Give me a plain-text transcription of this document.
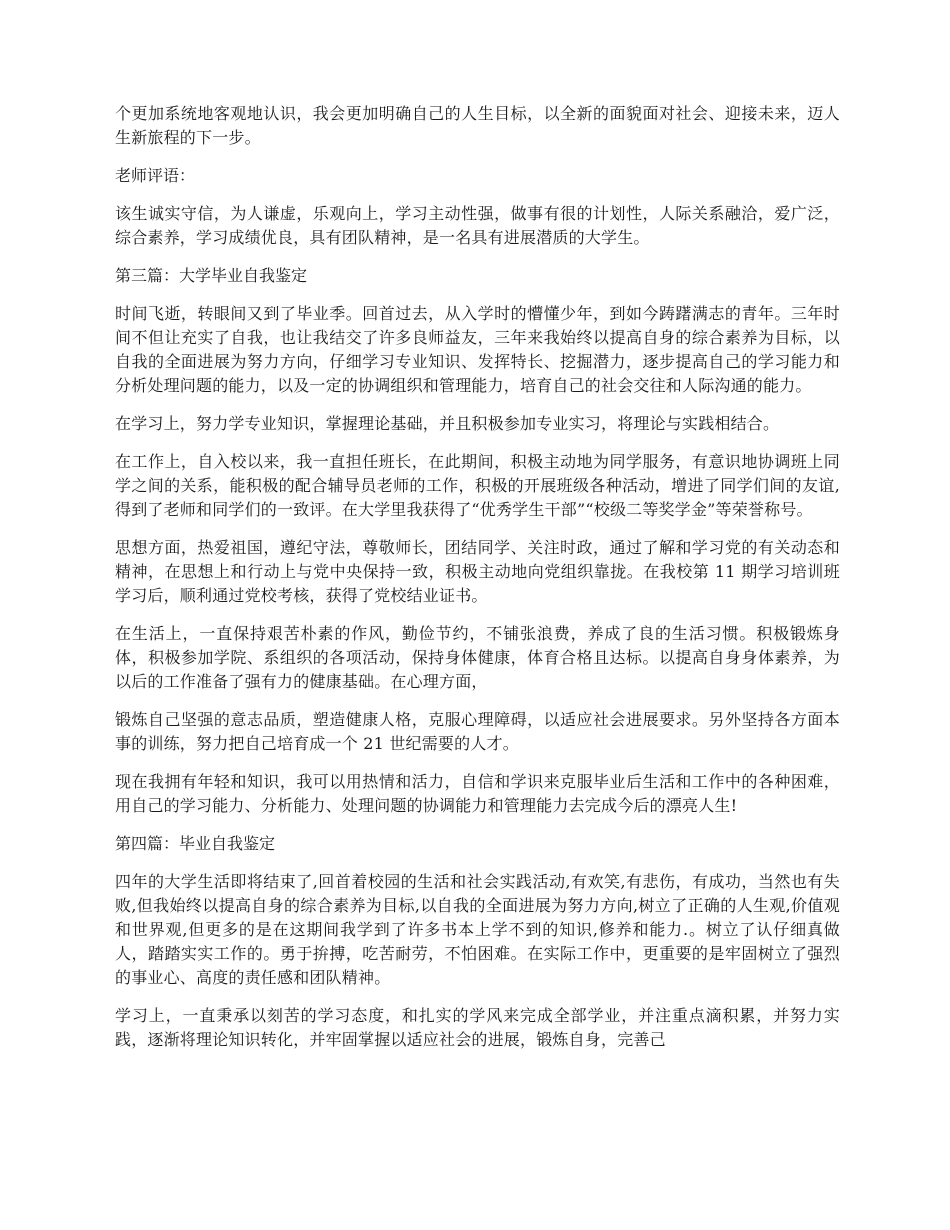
个更加系统地客观地认识，我会更加明确自己的人生目标，以全新的面貌面对社会、迎接未来，迈人生新旅程的下一步。

老师评语：

该生诚实守信，为人谦虚，乐观向上，学习主动性强，做事有很的计划性，人际关系融洽，爱广泛，综合素养，学习成绩优良，具有团队精神，是一名具有进展潜质的大学生。

第三篇：大学毕业自我鉴定

时间飞逝，转眼间又到了毕业季。回首过去，从入学时的懵懂少年，到如今踌躇满志的青年。三年时间不但让充实了自我，也让我结交了许多良师益友，三年来我始终以提高自身的综合素养为目标，以自我的全面进展为努力方向，仔细学习专业知识、发挥特长、挖掘潜力，逐步提高自己的学习能力和分析处理问题的能力，以及一定的协调组织和管理能力，培育自己的社会交往和人际沟通的能力。

在学习上，努力学专业知识，掌握理论基础，并且积极参加专业实习，将理论与实践相结合。

在工作上，自入校以来，我一直担任班长，在此期间，积极主动地为同学服务，有意识地协调班上同学之间的关系，能积极的配合辅导员老师的工作，积极的开展班级各种活动，增进了同学们间的友谊,得到了老师和同学们的一致评。在大学里我获得了“优秀学生干部”“校级二等奖学金”等荣誉称号。

思想方面，热爱祖国，遵纪守法，尊敬师长，团结同学、关注时政，通过了解和学习党的有关动态和精神，在思想上和行动上与党中央保持一致，积极主动地向党组织靠拢。在我校第 11 期学习培训班学习后，顺利通过党校考核，获得了党校结业证书。

在生活上，一直保持艰苦朴素的作风，勤俭节约，不铺张浪费，养成了良的生活习惯。积极锻炼身体，积极参加学院、系组织的各项活动，保持身体健康，体育合格且达标。以提高自身身体素养，为以后的工作准备了强有力的健康基础。在心理方面，

锻炼自己坚强的意志品质，塑造健康人格，克服心理障碍，以适应社会进展要求。另外坚持各方面本事的训练，努力把自己培育成一个 21 世纪需要的人才。

现在我拥有年轻和知识，我可以用热情和活力，自信和学识来克服毕业后生活和工作中的各种困难，用自己的学习能力、分析能力、处理问题的协调能力和管理能力去完成今后的漂亮人生!

第四篇：毕业自我鉴定

四年的大学生活即将结束了,回首着校园的生活和社会实践活动,有欢笑,有悲伤，有成功，当然也有失败,但我始终以提高自身的综合素养为目标,以自我的全面进展为努力方向,树立了正确的人生观,价值观和世界观,但更多的是在这期间我学到了许多书本上学不到的知识,修养和能力.。树立了认仔细真做人，踏踏实实工作的。勇于拚搏，吃苦耐劳，不怕困难。在实际工作中，更重要的是牢固树立了强烈的事业心、高度的责任感和团队精神。

学习上，一直秉承以刻苦的学习态度，和扎实的学风来完成全部学业，并注重点滴积累，并努力实践，逐渐将理论知识转化，并牢固掌握以适应社会的进展，锻炼自身，完善己
